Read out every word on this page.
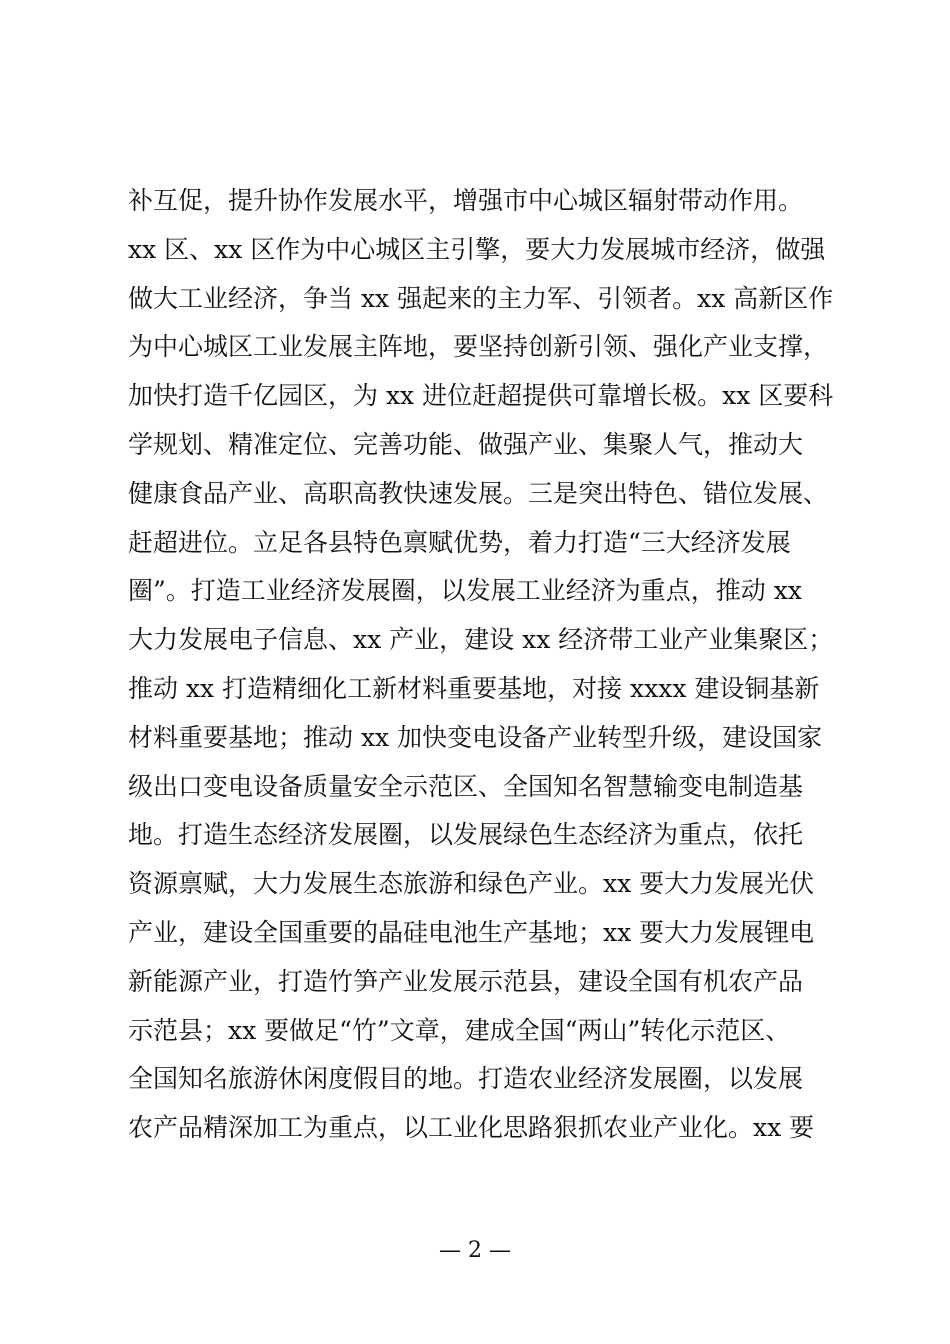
补互促，提升协作发展水平，增强市中心城区辐射带动作用。
xx 区、xx 区作为中心城区主引擎，要大力发展城市经济，做强
做大工业经济，争当 xx 强起来的主力军、引领者。xx 高新区作
为中心城区工业发展主阵地，要坚持创新引领、强化产业支撑，
加快打造千亿园区，为 xx 进位赶超提供可靠增长极。xx 区要科
学规划、精准定位、完善功能、做强产业、集聚人气，推动大
健康食品产业、高职高教快速发展。三是突出特色、错位发展、
赶超进位。立足各县特色禀赋优势，着力打造“三大经济发展
圈”。打造工业经济发展圈，以发展工业经济为重点，推动 xx
大力发展电子信息、xx 产业，建设 xx 经济带工业产业集聚区；
推动 xx 打造精细化工新材料重要基地，对接 xxxx 建设铜基新
材料重要基地；推动 xx 加快变电设备产业转型升级，建设国家
级出口变电设备质量安全示范区、全国知名智慧输变电制造基
地。打造生态经济发展圈，以发展绿色生态经济为重点，依托
资源禀赋，大力发展生态旅游和绿色产业。xx 要大力发展光伏
产业，建设全国重要的晶硅电池生产基地；xx 要大力发展锂电
新能源产业，打造竹笋产业发展示范县，建设全国有机农产品
示范县；xx 要做足“竹”文章，建成全国“两山”转化示范区、
全国知名旅游休闲度假目的地。打造农业经济发展圈，以发展
农产品精深加工为重点，以工业化思路狠抓农业产业化。xx 要
— 2 —
